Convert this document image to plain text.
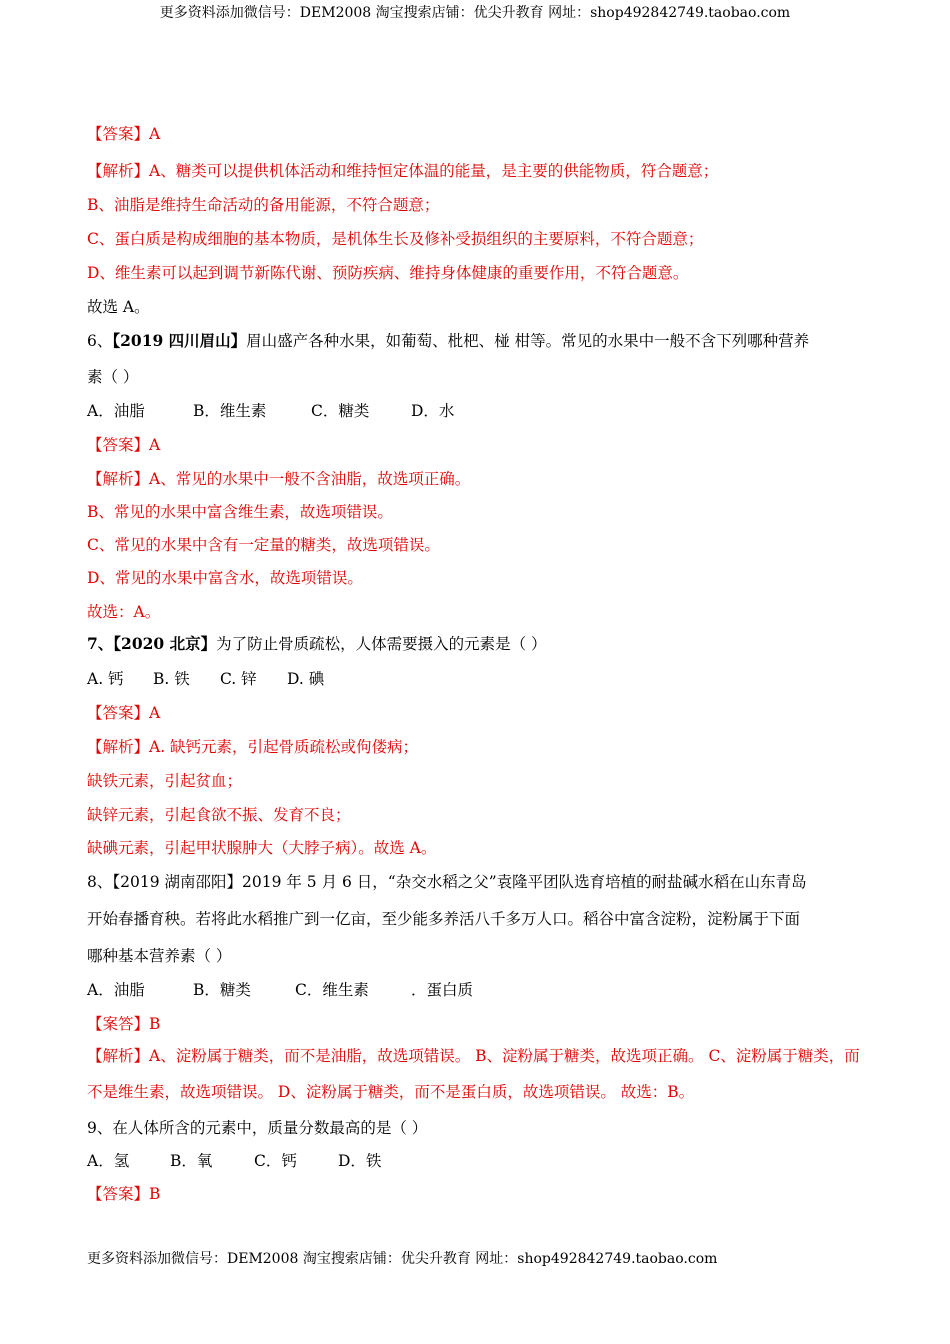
更多资料添加微信号：DEM2008 淘宝搜索店铺：优尖升教育 网址：shop492842749.taobao.com

【答案】A

【解析】A、糖类可以提供机体活动和维持恒定体温的能量，是主要的供能物质，符合题意；

B、油脂是维持生命活动的备用能源，不符合题意；

C、蛋白质是构成细胞的基本物质，是机体生长及修补受损组织的主要原料，不符合题意；

D、维生素可以起到调节新陈代谢、预防疾病、维持身体健康的重要作用，不符合题意。

故选 A。

6、【2019 四川眉山】眉山盛产各种水果，如葡萄、枇杷、椪 柑等。常见的水果中一般不含下列哪种营养

素（ ）

A．油脂	B．维生素	C．糖类	D．水

【答案】A

【解析】A、常见的水果中一般不含油脂，故选项正确。

B、常见的水果中富含维生素，故选项错误。

C、常见的水果中含有一定量的糖类，故选项错误。

D、常见的水果中富含水，故选项错误。

故选：A。

7、【2020 北京】为了防止骨质疏松，人体需要摄入的元素是（ ）

A. 钙 B. 铁 C. 锌 D. 碘

【答案】A

【解析】A. 缺钙元素，引起骨质疏松或佝偻病；

缺铁元素，引起贫血；

缺锌元素，引起食欲不振、发育不良；

缺碘元素，引起甲状腺肿大（大脖子病）。故选 A。

8、【2019 湖南邵阳】2019 年 5 月 6 日，“杂交水稻之父”袁隆平团队选育培植的耐盐碱水稻在山东青岛

开始春播育秧。若将此水稻推广到一亿亩，至少能多养活八千多万人口。稻谷中富含淀粉，淀粉属于下面

哪种基本营养素（ ）

A．油脂	B．糖类	C．维生素	．蛋白质

【案答】B

【解析】A、淀粉属于糖类，而不是油脂，故选项错误。 B、淀粉属于糖类，故选项正确。 C、淀粉属于糖类，而不是维生素，故选项错误。 D、淀粉属于糖类，而不是蛋白质，故选项错误。 故选：B。

9、在人体所含的元素中，质量分数最高的是（ ）

A．氢	B．氧	C．钙	D．铁

【答案】B

更多资料添加微信号：DEM2008 淘宝搜索店铺：优尖升教育 网址：shop492842749.taobao.com
